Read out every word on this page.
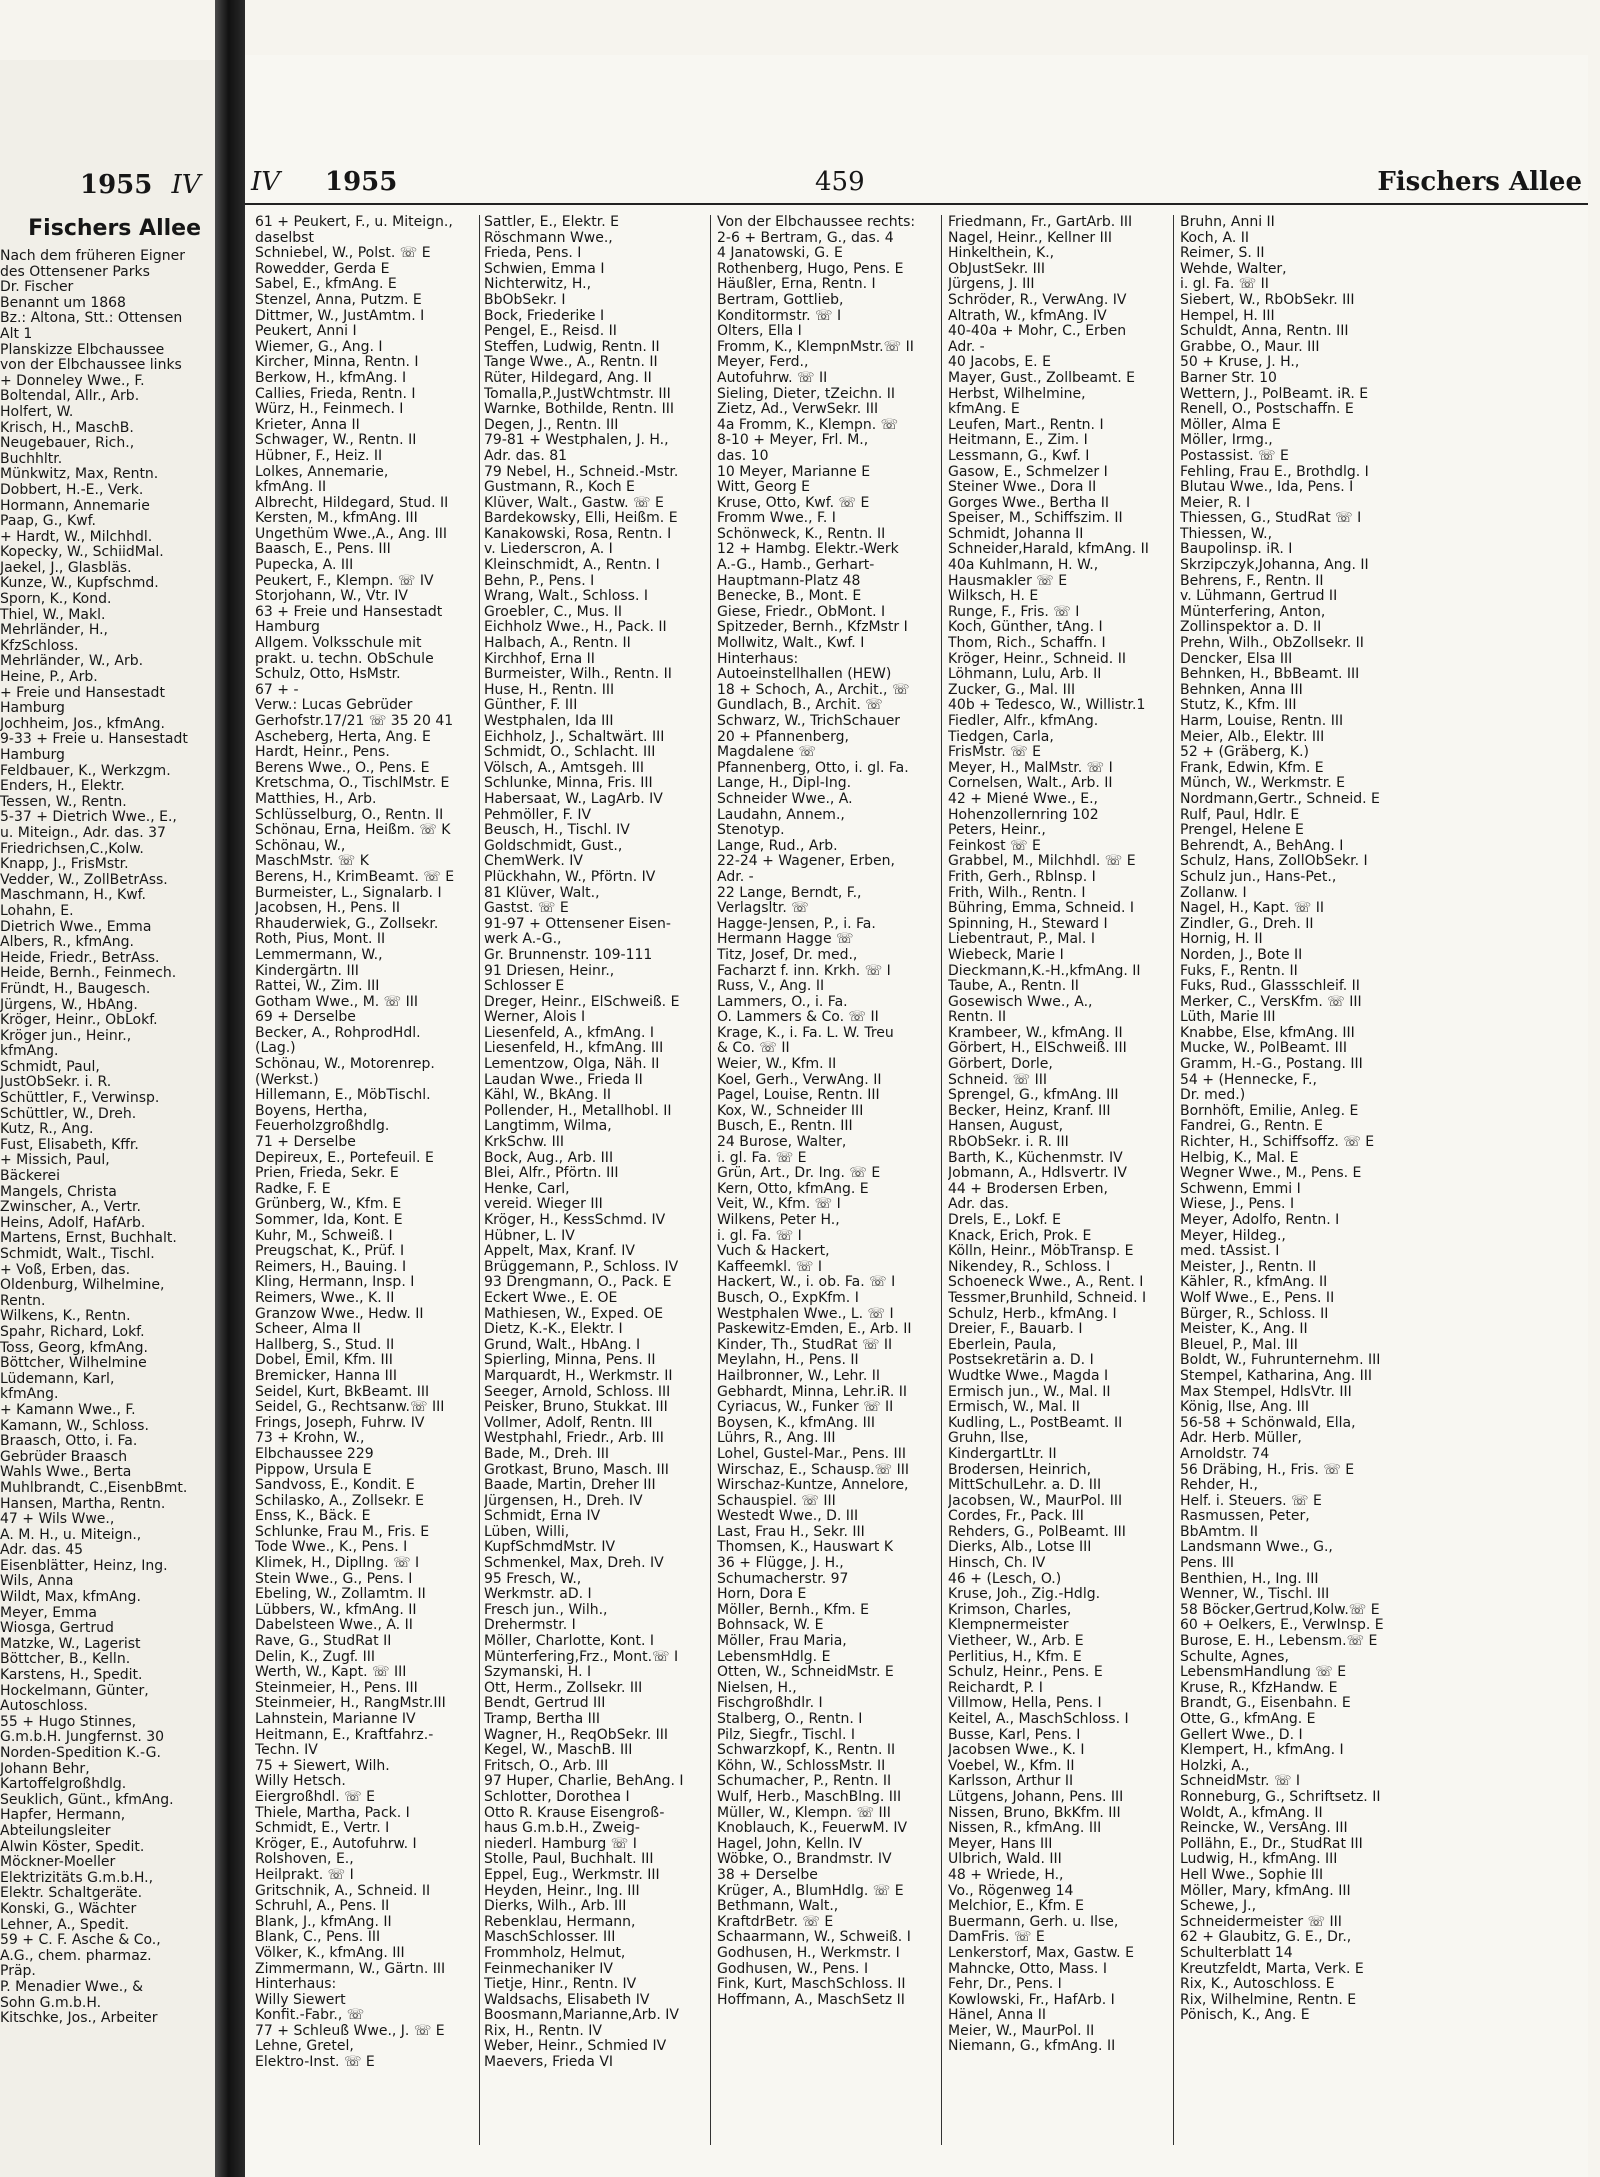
1955 IV
Fischers Allee
Nach dem früheren Eigner
des Ottensener Parks
Dr. Fischer
Benannt um 1868
Bz.: Altona, Stt.: Ottensen
Alt 1
Planskizze Elbchaussee
von der Elbchaussee links
+ Donneley Wwe., F.
Boltendal, Allr., Arb.
Holfert, W.
Krisch, H., MaschB.
Neugebauer, Rich.,
Buchhltr.
Münkwitz, Max, Rentn.
Dobbert, H.-E., Verk.
Hormann, Annemarie
Paap, G., Kwf.
+ Hardt, W., Milchhdl.
Kopecky, W., SchiidMal.
Jaekel, J., Glasbläs.
Kunze, W., Kupfschmd.
Sporn, K., Kond.
Thiel, W., Makl.
Mehrländer, H.,
KfzSchloss.
Mehrländer, W., Arb.
Heine, P., Arb.
+ Freie und Hansestadt
Hamburg
Jochheim, Jos., kfmAng.
9-33 + Freie u. Hansestadt
Hamburg
Feldbauer, K., Werkzgm.
Enders, H., Elektr.
Tessen, W., Rentn.
5-37 + Dietrich Wwe., E.,
u. Miteign., Adr. das. 37
Friedrichsen,C.,Kolw.
Knapp, J., FrisMstr.
Vedder, W., ZollBetrAss.
Maschmann, H., Kwf.
Lohahn, E.
Dietrich Wwe., Emma
Albers, R., kfmAng.
Heide, Friedr., BetrAss.
Heide, Bernh., Feinmech.
Fründt, H., Baugesch.
Jürgens, W., HbAng.
Kröger, Heinr., ObLokf.
Kröger jun., Heinr.,
kfmAng.
Schmidt, Paul,
JustObSekr. i. R.
Schüttler, F., Verwinsp.
Schüttler, W., Dreh.
Kutz, R., Ang.
Fust, Elisabeth, Kffr.
+ Missich, Paul,
Bäckerei
Mangels, Christa
Zwinscher, A., Vertr.
Heins, Adolf, HafArb.
Martens, Ernst, Buchhalt.
Schmidt, Walt., Tischl.
+ Voß, Erben, das.
Oldenburg, Wilhelmine,
Rentn.
Wilkens, K., Rentn.
Spahr, Richard, Lokf.
Toss, Georg, kfmAng.
Böttcher, Wilhelmine
Lüdemann, Karl,
kfmAng.
+ Kamann Wwe., F.
Kamann, W., Schloss.
Braasch, Otto, i. Fa.
Gebrüder Braasch
Wahls Wwe., Berta
Muhlbrandt, C.,EisenbBmt.
Hansen, Martha, Rentn.
47 + Wils Wwe.,
A. M. H., u. Miteign.,
Adr. das. 45
Eisenblätter, Heinz, Ing.
Wils, Anna
Wildt, Max, kfmAng.
Meyer, Emma
Wiosga, Gertrud
Matzke, W., Lagerist
Böttcher, B., Kelln.
Karstens, H., Spedit.
Hockelmann, Günter,
Autoschloss.
55 + Hugo Stinnes,
G.m.b.H. Jungfernst. 30
Norden-Spedition K.-G.
Johann Behr,
Kartoffelgroßhdlg.
Seuklich, Günt., kfmAng.
Hapfer, Hermann,
Abteilungsleiter
Alwin Köster, Spedit.
Möckner-Moeller
Elektrizitäts G.m.b.H.,
Elektr. Schaltgeräte.
Konski, G., Wächter
Lehner, A., Spedit.
59 + C. F. Asche & Co.,
A.G., chem. pharmaz.
Präp.
P. Menadier Wwe., &
Sohn G.m.b.H.
Kitschke, Jos., Arbeiter
IV 1955	459	Fischers Allee
61 + Peukert, F., u. Miteign.,
daselbst
Schniebel, W., Polst. ☏ E
Rowedder, Gerda E
Sabel, E., kfmAng. E
Stenzel, Anna, Putzm. E
Dittmer, W., JustAmtm. I
Peukert, Anni I
Wiemer, G., Ang. I
Kircher, Minna, Rentn. I
Berkow, H., kfmAng. I
Callies, Frieda, Rentn. I
Würz, H., Feinmech. I
Krieter, Anna II
Schwager, W., Rentn. II
Hübner, F., Heiz. II
Lolkes, Annemarie,
kfmAng. II
Albrecht, Hildegard, Stud. II
Kersten, M., kfmAng. III
Ungethüm Wwe.,A., Ang. III
Baasch, E., Pens. III
Pupecka, A. III
Peukert, F., Klempn. ☏ IV
Storjohann, W., Vtr. IV
63 + Freie und Hansestadt
Hamburg
Allgem. Volksschule mit
prakt. u. techn. ObSchule
Schulz, Otto, HsMstr.
67 + -
Verw.: Lucas Gebrüder
Gerhofstr.17/21 ☏ 35 20 41
Ascheberg, Herta, Ang. E
Hardt, Heinr., Pens.
Berens Wwe., O., Pens. E
Kretschma, O., TischlMstr. E
Matthies, H., Arb.
Schlüsselburg, O., Rentn. II
Schönau, Erna, Heißm. ☏ K
Schönau, W.,
MaschMstr. ☏ K
Berens, H., KrimBeamt. ☏ E
Burmeister, L., Signalarb. I
Jacobsen, H., Pens. II
Rhauderwiek, G., Zollsekr.
Roth, Pius, Mont. II
Lemmermann, W.,
Kindergärtn. III
Rattei, W., Zim. III
Gotham Wwe., M. ☏ III
69 + Derselbe
Becker, A., RohprodHdl.
(Lag.)
Schönau, W., Motorenrep.
(Werkst.)
Hillemann, E., MöbTischl.
Boyens, Hertha,
Feuerholzgroßhdlg.
71 + Derselbe
Depireux, E., Portefeuil. E
Prien, Frieda, Sekr. E
Radke, F. E
Grünberg, W., Kfm. E
Sommer, Ida, Kont. E
Kuhr, M., Schweiß. I
Preugschat, K., Prüf. I
Reimers, H., Bauing. I
Kling, Hermann, Insp. I
Reimers, Wwe., K. II
Granzow Wwe., Hedw. II
Scheer, Alma II
Hallberg, S., Stud. II
Dobel, Emil, Kfm. III
Bremicker, Hanna III
Seidel, Kurt, BkBeamt. III
Seidel, G., Rechtsanw.☏ III
Frings, Joseph, Fuhrw. IV
73 + Krohn, W.,
Elbchaussee 229
Pippow, Ursula E
Sandvoss, E., Kondit. E
Schilasko, A., Zollsekr. E
Enss, K., Bäck. E
Schlunke, Frau M., Fris. E
Tode Wwe., K., Pens. I
Klimek, H., Diplİng. ☏ I
Stein Wwe., G., Pens. I
Ebeling, W., Zollamtm. II
Lübbers, W., kfmAng. II
Dabelsteen Wwe., A. II
Rave, G., StudRat II
Delin, K., Zugf. III
Werth, W., Kapt. ☏ III
Steinmeier, H., Pens. III
Steinmeier, H., RangMstr.III
Lahnstein, Marianne IV
Heitmann, E., Kraftfahrz.-
Techn. IV
75 + Siewert, Wilh.
Willy Hetsch.
Eiergroßhdl. ☏ E
Thiele, Martha, Pack. I
Schmidt, E., Vertr. I
Kröger, E., Autofuhrw. I
Rolshoven, E.,
Heilprakt. ☏ I
Gritschnik, A., Schneid. II
Schruhl, A., Pens. II
Blank, J., kfmAng. II
Blank, C., Pens. III
Völker, K., kfmAng. III
Zimmermann, W., Gärtn. III
Hinterhaus:
Willy Siewert
Konfit.-Fabr., ☏
77 + Schleuß Wwe., J. ☏ E
Lehne, Gretel,
Elektro-Inst. ☏ E
Sattler, E., Elektr. E
Röschmann Wwe.,
Frieda, Pens. I
Schwien, Emma I
Nichterwitz, H.,
BbObSekr. I
Bock, Friederike I
Pengel, E., Reisd. II
Steffen, Ludwig, Rentn. II
Tange Wwe., A., Rentn. II
Rüter, Hildegard, Ang. II
Tomalla,P.,JustWchtmstr. III
Warnke, Bothilde, Rentn. III
Degen, J., Rentn. III
79-81 + Westphalen, J. H.,
Adr. das. 81
79 Nebel, H., Schneid.-Mstr.
Gustmann, R., Koch E
Klüver, Walt., Gastw. ☏ E
Bardekowsky, Elli, Heißm. E
Kanakowski, Rosa, Rentn. I
v. Liederscron, A. I
Kleinschmidt, A., Rentn. I
Behn, P., Pens. I
Wrang, Walt., Schloss. I
Groebler, C., Mus. II
Eichholz Wwe., H., Pack. II
Halbach, A., Rentn. II
Kirchhof, Erna II
Burmeister, Wilh., Rentn. II
Huse, H., Rentn. III
Günther, F. III
Westphalen, Ida III
Eichholz, J., Schaltwärt. III
Schmidt, O., Schlacht. III
Völsch, A., Amtsgeh. III
Schlunke, Minna, Fris. III
Habersaat, W., LagArb. IV
Pehmöller, F. IV
Beusch, H., Tischl. IV
Goldschmidt, Gust.,
ChemWerk. IV
Plückhahn, W., Pförtn. IV
81 Klüver, Walt.,
Gastst. ☏ E
91-97 + Ottensener Eisen-
werk A.-G.,
Gr. Brunnenstr. 109-111
91 Driesen, Heinr.,
Schlosser E
Dreger, Heinr., ElSchweiß. E
Werner, Alois I
Liesenfeld, A., kfmAng. I
Liesenfeld, H., kfmAng. III
Lementzow, Olga, Näh. II
Laudan Wwe., Frieda II
Kähl, W., BkAng. II
Pollender, H., Metallhobl. II
Langtimm, Wilma,
KrkSchw. III
Bock, Aug., Arb. III
Blei, Alfr., Pförtn. III
Henke, Carl,
vereid. Wieger III
Kröger, H., KessSchmd. IV
Hübner, L. IV
Appelt, Max, Kranf. IV
Brüggemann, P., Schloss. IV
93 Drengmann, O., Pack. E
Eckert Wwe., E. OE
Mathiesen, W., Exped. OE
Dietz, K.-K., Elektr. I
Grund, Walt., HbAng. I
Spierling, Minna, Pens. II
Marquardt, H., Werkmstr. II
Seeger, Arnold, Schloss. III
Peisker, Bruno, Stukkat. III
Vollmer, Adolf, Rentn. III
Westphahl, Friedr., Arb. III
Bade, M., Dreh. III
Grotkast, Bruno, Masch. III
Baade, Martin, Dreher III
Jürgensen, H., Dreh. IV
Schmidt, Erna IV
Lüben, Willi,
KupfSchmdMstr. IV
Schmenkel, Max, Dreh. IV
95 Fresch, W.,
Werkmstr. aD. I
Fresch jun., Wilh.,
Drehermstr. I
Möller, Charlotte, Kont. I
Münterfering,Frz., Mont.☏ I
Szymanski, H. I
Ott, Herm., Zollsekr. III
Bendt, Gertrud III
Tramp, Bertha III
Wagner, H., ReqObSekr. III
Kegel, W., MaschB. III
Fritsch, O., Arb. III
97 Huper, Charlie, BehAng. I
Schlotter, Dorothea I
Otto R. Krause Eisengroß-
haus G.m.b.H., Zweig-
niederl. Hamburg ☏ I
Stolle, Paul, Buchhalt. III
Eppel, Eug., Werkmstr. III
Heyden, Heinr., Ing. III
Dierks, Wilh., Arb. III
Rebenklau, Hermann,
MaschSchlosser. III
Frommholz, Helmut,
Feinmechaniker IV
Tietje, Hinr., Rentn. IV
Waldsachs, Elisabeth IV
Boosmann,Marianne,Arb. IV
Rix, H., Rentn. IV
Weber, Heinr., Schmied IV
Maevers, Frieda VI
Von der Elbchaussee rechts:
2-6 + Bertram, G., das. 4
4 Janatowski, G. E
Rothenberg, Hugo, Pens. E
Häußler, Erna, Rentn. I
Bertram, Gottlieb,
Konditormstr. ☏ I
Olters, Ella I
Fromm, K., KlempnMstr.☏ II
Meyer, Ferd.,
Autofuhrw. ☏ II
Sieling, Dieter, tZeichn. II
Zietz, Ad., VerwSekr. III
4a Fromm, K., Klempn. ☏
8-10 + Meyer, Frl. M.,
das. 10
10 Meyer, Marianne E
Witt, Georg E
Kruse, Otto, Kwf. ☏ E
Fromm Wwe., F. I
Schönweck, K., Rentn. II
12 + Hambg. Elektr.-Werk
A.-G., Hamb., Gerhart-
Hauptmann-Platz 48
Benecke, B., Mont. E
Giese, Friedr., ObMont. I
Spitzeder, Bernh., KfzMstr I
Mollwitz, Walt., Kwf. I
Hinterhaus:
Autoeinstellhallen (HEW)
18 + Schoch, A., Archit., ☏
Gundlach, B., Archit. ☏
Schwarz, W., TrichSchauer
20 + Pfannenberg,
Magdalene ☏
Pfannenberg, Otto, i. gl. Fa.
Lange, H., Dipl-Ing.
Schneider Wwe., A.
Laudahn, Annem.,
Stenotyp.
Lange, Rud., Arb.
22-24 + Wagener, Erben,
Adr. -
22 Lange, Berndt, F.,
Verlagsltr. ☏
Hagge-Jensen, P., i. Fa.
Hermann Hagge ☏
Titz, Josef, Dr. med.,
Facharzt f. inn. Krkh. ☏ I
Russ, V., Ang. II
Lammers, O., i. Fa.
O. Lammers & Co. ☏ II
Krage, K., i. Fa. L. W. Treu
& Co. ☏ II
Weier, W., Kfm. II
Koel, Gerh., VerwAng. II
Pagel, Louise, Rentn. III
Kox, W., Schneider III
Busch, E., Rentn. III
24 Burose, Walter,
i. gl. Fa. ☏ E
Grün, Art., Dr. Ing. ☏ E
Kern, Otto, kfmAng. E
Veit, W., Kfm. ☏ I
Wilkens, Peter H.,
i. gl. Fa. ☏ I
Vuch & Hackert,
Kaffeemkl. ☏ I
Hackert, W., i. ob. Fa. ☏ I
Busch, O., ExpKfm. I
Westphalen Wwe., L. ☏ I
Paskewitz-Emden, E., Arb. II
Kinder, Th., StudRat ☏ II
Meylahn, H., Pens. II
Hailbronner, W., Lehr. II
Gebhardt, Minna, Lehr.iR. II
Cyriacus, W., Funker ☏ II
Boysen, K., kfmAng. III
Lührs, R., Ang. III
Lohel, Gustel-Mar., Pens. III
Wirschaz, E., Schausp.☏ III
Wirschaz-Kuntze, Annelore,
Schauspiel. ☏ III
Westedt Wwe., D. III
Last, Frau H., Sekr. III
Thomsen, K., Hauswart K
36 + Flügge, J. H.,
Schumacherstr. 97
Horn, Dora E
Möller, Bernh., Kfm. E
Bohnsack, W. E
Möller, Frau Maria,
LebensmHdlg. E
Otten, W., SchneidMstr. E
Nielsen, H.,
Fischgroßhdlr. I
Stalberg, O., Rentn. I
Pilz, Siegfr., Tischl. I
Schwarzkopf, K., Rentn. II
Köhn, W., SchlossMstr. II
Schumacher, P., Rentn. II
Wulf, Herb., MaschBlng. III
Müller, W., Klempn. ☏ III
Knoblauch, K., FeuerwM. IV
Hagel, John, Kelln. IV
Wöbke, O., Brandmstr. IV
38 + Derselbe
Krüger, A., BlumHdlg. ☏ E
Bethmann, Walt.,
KraftdrBetr. ☏ E
Schaarmann, W., Schweiß. I
Godhusen, H., Werkmstr. I
Godhusen, W., Pens. I
Fink, Kurt, MaschSchloss. II
Hoffmann, A., MaschSetz II
Friedmann, Fr., GartArb. III
Nagel, Heinr., Kellner III
Hinkelthein, K.,
ObJustSekr. III
Jürgens, J. III
Schröder, R., VerwAng. IV
Altrath, W., kfmAng. IV
40-40a + Mohr, C., Erben
Adr. -
40 Jacobs, E. E
Mayer, Gust., Zollbeamt. E
Herbst, Wilhelmine,
kfmAng. E
Leufen, Mart., Rentn. I
Heitmann, E., Zim. I
Lessmann, G., Kwf. I
Gasow, E., Schmelzer I
Steiner Wwe., Dora II
Gorges Wwe., Bertha II
Speiser, M., Schiffszim. II
Schmidt, Johanna II
Schneider,Harald, kfmAng. II
40a Kuhlmann, H. W.,
Hausmakler ☏ E
Wilksch, H. E
Runge, F., Fris. ☏ I
Koch, Günther, tAng. I
Thom, Rich., Schaffn. I
Kröger, Heinr., Schneid. II
Löhmann, Lulu, Arb. II
Zucker, G., Mal. III
40b + Tedesco, W., Willistr.1
Fiedler, Alfr., kfmAng.
Tiedgen, Carla,
FrisMstr. ☏ E
Meyer, H., MalMstr. ☏ I
Cornelsen, Walt., Arb. II
42 + Miené Wwe., E.,
Hohenzollernring 102
Peters, Heinr.,
Feinkost ☏ E
Grabbel, M., Milchhdl. ☏ E
Frith, Gerh., Rblnsp. I
Frith, Wilh., Rentn. I
Bühring, Emma, Schneid. I
Spinning, H., Steward I
Liebentraut, P., Mal. I
Wiebeck, Marie I
Dieckmann,K.-H.,kfmAng. II
Taube, A., Rentn. II
Gosewisch Wwe., A.,
Rentn. II
Krambeer, W., kfmAng. II
Görbert, H., ElSchweiß. III
Görbert, Dorle,
Schneid. ☏ III
Sprengel, G., kfmAng. III
Becker, Heinz, Kranf. III
Hansen, August,
RbObSekr. i. R. III
Barth, K., Küchenmstr. IV
Jobmann, A., Hdlsvertr. IV
44 + Brodersen Erben,
Adr. das.
Drels, E., Lokf. E
Knack, Erich, Prok. E
Kölln, Heinr., MöbTransp. E
Nikendey, R., Schloss. I
Schoeneck Wwe., A., Rent. I
Tessmer,Brunhild, Schneid. I
Schulz, Herb., kfmAng. I
Dreier, F., Bauarb. I
Eberlein, Paula,
Postsekretärin a. D. I
Wudtke Wwe., Magda I
Ermisch jun., W., Mal. II
Ermisch, W., Mal. II
Kudling, L., PostBeamt. II
Gruhn, Ilse,
KindergartLtr. II
Brodersen, Heinrich,
MittSchulLehr. a. D. III
Jacobsen, W., MaurPol. III
Cordes, Fr., Pack. III
Rehders, G., PolBeamt. III
Dierks, Alb., Lotse III
Hinsch, Ch. IV
46 + (Lesch, O.)
Kruse, Joh., Zig.-Hdlg.
Krimson, Charles,
Klempnermeister
Vietheer, W., Arb. E
Perlitius, H., Kfm. E
Schulz, Heinr., Pens. E
Reichardt, P. I
Villmow, Hella, Pens. I
Keitel, A., MaschSchloss. I
Busse, Karl, Pens. I
Jacobsen Wwe., K. I
Voebel, W., Kfm. II
Karlsson, Arthur II
Lütgens, Johann, Pens. III
Nissen, Bruno, BkKfm. III
Nissen, R., kfmAng. III
Meyer, Hans III
Ulbrich, Wald. III
48 + Wriede, H.,
Vo., Rögenweg 14
Melchior, E., Kfm. E
Buermann, Gerh. u. Ilse,
DamFris. ☏ E
Lenkerstorf, Max, Gastw. E
Mahncke, Otto, Mass. I
Fehr, Dr., Pens. I
Kowlowski, Fr., HafArb. I
Hänel, Anna II
Meier, W., MaurPol. II
Niemann, G., kfmAng. II
Bruhn, Anni II
Koch, A. II
Reimer, S. II
Wehde, Walter,
i. gl. Fa. ☏ II
Siebert, W., RbObSekr. III
Hempel, H. III
Schuldt, Anna, Rentn. III
Grabbe, O., Maur. III
50 + Kruse, J. H.,
Barner Str. 10
Wettern, J., PolBeamt. iR. E
Renell, O., Postschaffn. E
Möller, Alma E
Möller, Irmg.,
Postassist. ☏ E
Fehling, Frau E., Brothdlg. I
Blutau Wwe., Ida, Pens. I
Meier, R. I
Thiessen, G., StudRat ☏ I
Thiessen, W.,
Baupolinsp. iR. I
Skrzipczyk,Johanna, Ang. II
Behrens, F., Rentn. II
v. Lühmann, Gertrud II
Münterfering, Anton,
Zollinspektor a. D. II
Prehn, Wilh., ObZollsekr. II
Dencker, Elsa III
Behnken, H., BbBeamt. III
Behnken, Anna III
Stutz, K., Kfm. III
Harm, Louise, Rentn. III
Meier, Alb., Elektr. III
52 + (Gräberg, K.)
Frank, Edwin, Kfm. E
Münch, W., Werkmstr. E
Nordmann,Gertr., Schneid. E
Rulf, Paul, Hdlr. E
Prengel, Helene E
Behrendt, A., BehAng. I
Schulz, Hans, ZollObSekr. I
Schulz jun., Hans-Pet.,
Zollanw. I
Nagel, H., Kapt. ☏ II
Zindler, G., Dreh. II
Hornig, H. II
Norden, J., Bote II
Fuks, F., Rentn. II
Fuks, Rud., Glassschleif. II
Merker, C., VersKfm. ☏ III
Lüth, Marie III
Knabbe, Else, kfmAng. III
Mucke, W., PolBeamt. III
Gramm, H.-G., Postang. III
54 + (Hennecke, F.,
Dr. med.)
Bornhöft, Emilie, Anleg. E
Fandrei, G., Rentn. E
Richter, H., Schiffsoffz. ☏ E
Helbig, K., Mal. E
Wegner Wwe., M., Pens. E
Schwenn, Emmi I
Wiese, J., Pens. I
Meyer, Adolfo, Rentn. I
Meyer, Hildeg.,
med. tAssist. I
Meister, J., Rentn. II
Kähler, R., kfmAng. II
Wolf Wwe., E., Pens. II
Bürger, R., Schloss. II
Meister, K., Ang. II
Bleuel, P., Mal. III
Boldt, W., Fuhrunternehm. III
Stempel, Katharina, Ang. III
Max Stempel, HdlsVtr. III
König, Ilse, Ang. III
56-58 + Schönwald, Ella,
Adr. Herb. Müller,
Arnoldstr. 74
56 Dräbing, H., Fris. ☏ E
Rehder, H.,
Helf. i. Steuers. ☏ E
Rasmussen, Peter,
BbAmtm. II
Landsmann Wwe., G.,
Pens. III
Benthien, H., Ing. III
Wenner, W., Tischl. III
58 Böcker,Gertrud,Kolw.☏ E
60 + Oelkers, E., VerwInsp. E
Burose, E. H., Lebensm.☏ E
Schulte, Agnes,
LebensmHandlung ☏ E
Kruse, R., KfzHandw. E
Brandt, G., Eisenbahn. E
Otte, G., kfmAng. E
Gellert Wwe., D. I
Klempert, H., kfmAng. I
Holzki, A.,
SchneidMstr. ☏ I
Ronneburg, G., Schriftsetz. II
Woldt, A., kfmAng. II
Reincke, W., VersAng. III
Pollähn, E., Dr., StudRat III
Ludwig, H., kfmAng. III
Hell Wwe., Sophie III
Möller, Mary, kfmAng. III
Schewe, J.,
Schneidermeister ☏ III
62 + Glaubitz, G. E., Dr.,
Schulterblatt 14
Kreutzfeldt, Marta, Verk. E
Rix, K., Autoschloss. E
Rix, Wilhelmine, Rentn. E
Pönisch, K., Ang. E
